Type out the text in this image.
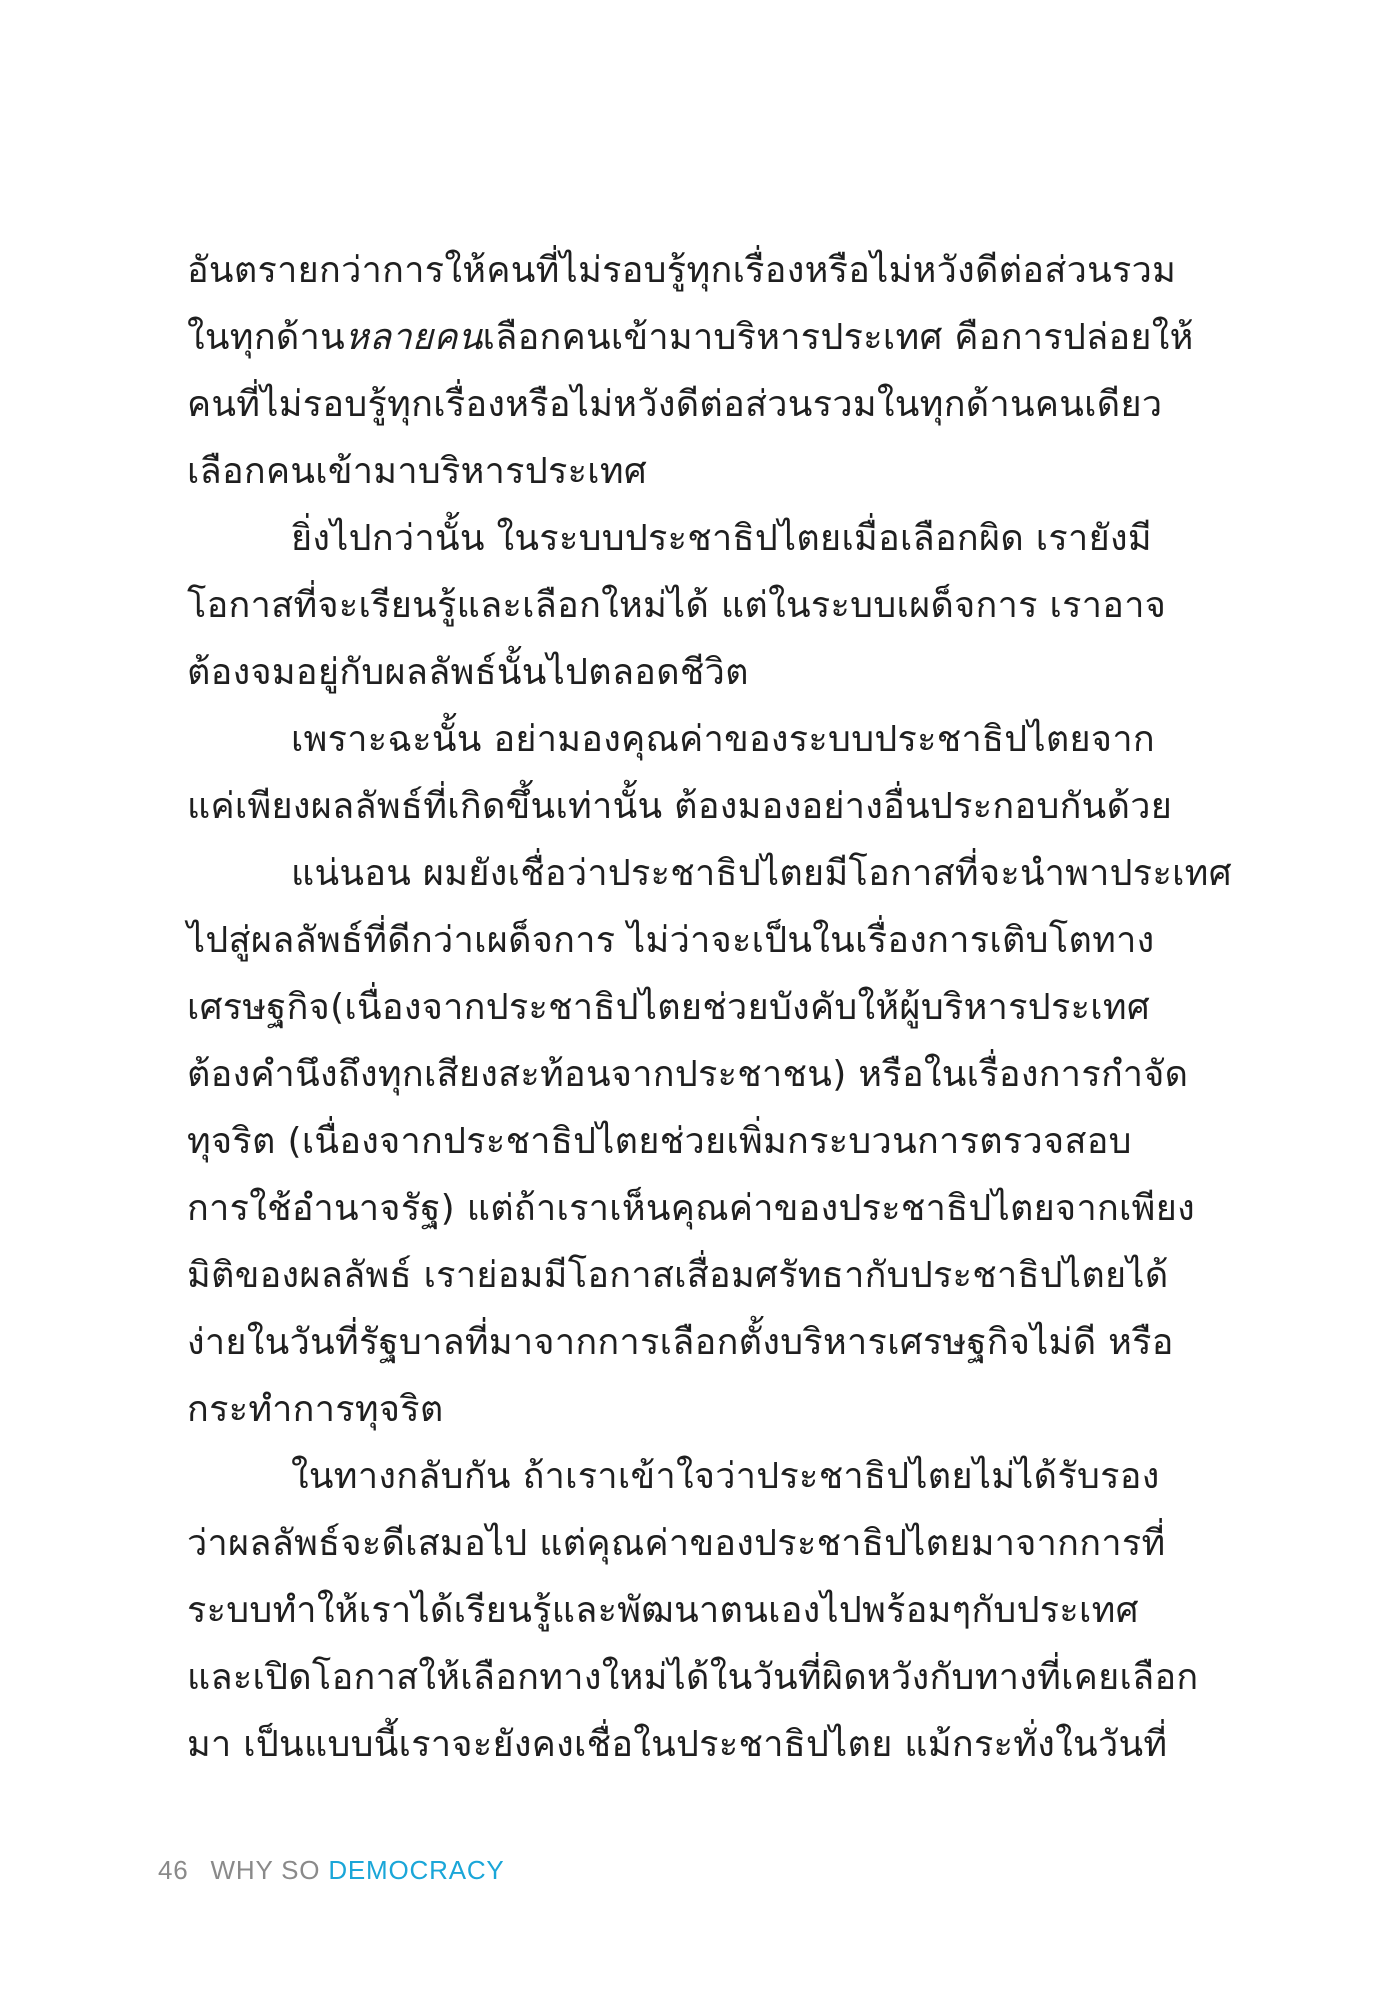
อันตรายกว่าการให้คนที่ไม่รอบรู้ทุกเรื่องหรือไม่หวังดีต่อส่วนรวม
ในทุกด้านหลายคนเลือกคนเข้ามาบริหารประเทศ คือการปล่อยให้
คนที่ไม่รอบรู้ทุกเรื่องหรือไม่หวังดีต่อส่วนรวมในทุกด้านคนเดียว
เลือกคนเข้ามาบริหารประเทศ
ยิ่งไปกว่านั้น ในระบบประชาธิปไตยเมื่อเลือกผิด เรายังมี
โอกาสที่จะเรียนรู้และเลือกใหม่ได้ แต่ในระบบเผด็จการ เราอาจ
ต้องจมอยู่กับผลลัพธ์นั้นไปตลอดชีวิต
เพราะฉะนั้น อย่ามองคุณค่าของระบบประชาธิปไตยจาก
แค่เพียงผลลัพธ์ที่เกิดขึ้นเท่านั้น ต้องมองอย่างอื่นประกอบกันด้วย
แน่นอน ผมยังเชื่อว่าประชาธิปไตยมีโอกาสที่จะนำพาประเทศ
ไปสู่ผลลัพธ์ที่ดีกว่าเผด็จการ ไม่ว่าจะเป็นในเรื่องการเติบโตทาง
เศรษฐกิจ(เนื่องจากประชาธิปไตยช่วยบังคับให้ผู้บริหารประเทศ
ต้องคำนึงถึงทุกเสียงสะท้อนจากประชาชน) หรือในเรื่องการกำจัด
ทุจริต (เนื่องจากประชาธิปไตยช่วยเพิ่มกระบวนการตรวจสอบ
การใช้อำนาจรัฐ) แต่ถ้าเราเห็นคุณค่าของประชาธิปไตยจากเพียง
มิติของผลลัพธ์ เราย่อมมีโอกาสเสื่อมศรัทธากับประชาธิปไตยได้
ง่ายในวันที่รัฐบาลที่มาจากการเลือกตั้งบริหารเศรษฐกิจไม่ดี หรือ
กระทำการทุจริต
ในทางกลับกัน ถ้าเราเข้าใจว่าประชาธิปไตยไม่ได้รับรอง
ว่าผลลัพธ์จะดีเสมอไป แต่คุณค่าของประชาธิปไตยมาจากการที่
ระบบทำให้เราได้เรียนรู้และพัฒนาตนเองไปพร้อมๆกับประเทศ
และเปิดโอกาสให้เลือกทางใหม่ได้ในวันที่ผิดหวังกับทางที่เคยเลือก
มา เป็นแบบนี้เราจะยังคงเชื่อในประชาธิปไตย แม้กระทั่งในวันที่
46 WHY SO DEMOCRACY
